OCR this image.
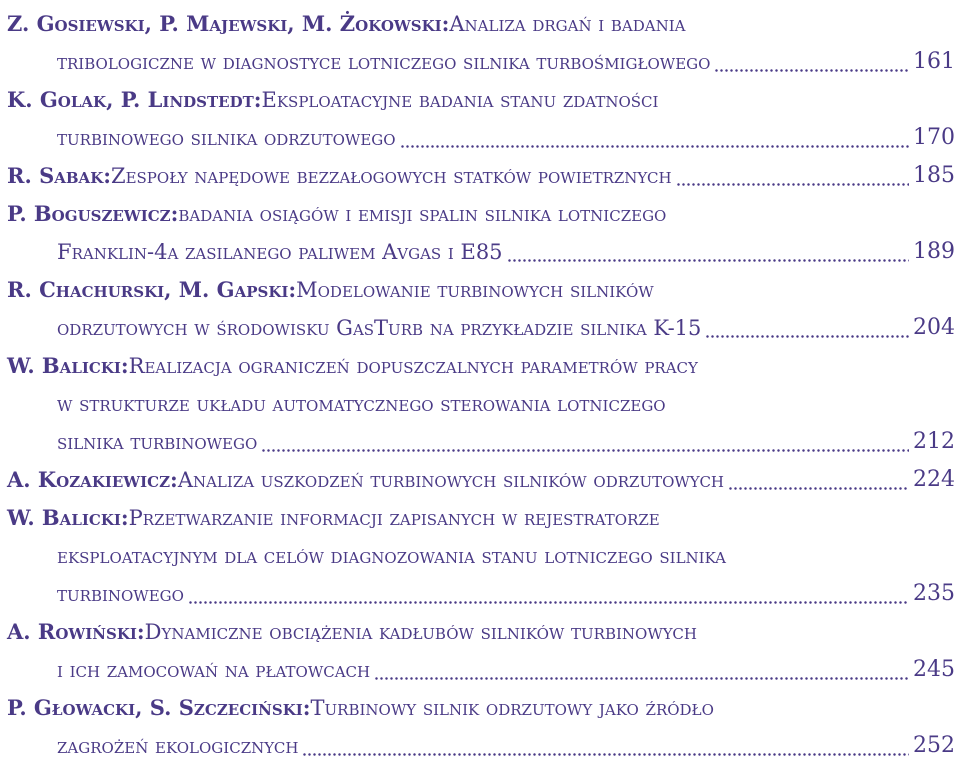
Z. Gosiewski, P. Majewski, M. Żokowski: Analiza drgań i badania
tribologiczne w diagnostyce lotniczego silnika turbośmigłowego	161
K. Golak, P. Lindstedt: Eksploatacyjne badania stanu zdatności
turbinowego silnika odrzutowego	170
R. Sabak: Zespoły napędowe bezzałogowych statków powietrznych	185
P. Boguszewicz: badania osiągów i emisji spalin silnika lotniczego
Franklin-4a zasilanego paliwem Avgas i E85	189
R. Chachurski, M. Gapski: Modelowanie turbinowych silników
odrzutowych w środowisku GasTurb na przykładzie silnika K-15	204
W. Balicki: Realizacja ograniczeń dopuszczalnych parametrów pracy
w strukturze układu automatycznego sterowania lotniczego
silnika turbinowego	212
A. Kozakiewicz: Analiza uszkodzeń turbinowych silników odrzutowych	224
W. Balicki: Przetwarzanie informacji zapisanych w rejestratorze
eksploatacyjnym dla celów diagnozowania stanu lotniczego silnika
turbinowego	235
A. Rowiński: Dynamiczne obciążenia kadłubów silników turbinowych
i ich zamocowań na płatowcach	245
P. Głowacki, S. Szczeciński: Turbinowy silnik odrzutowy jako źródło
zagrożeń ekologicznych	252
